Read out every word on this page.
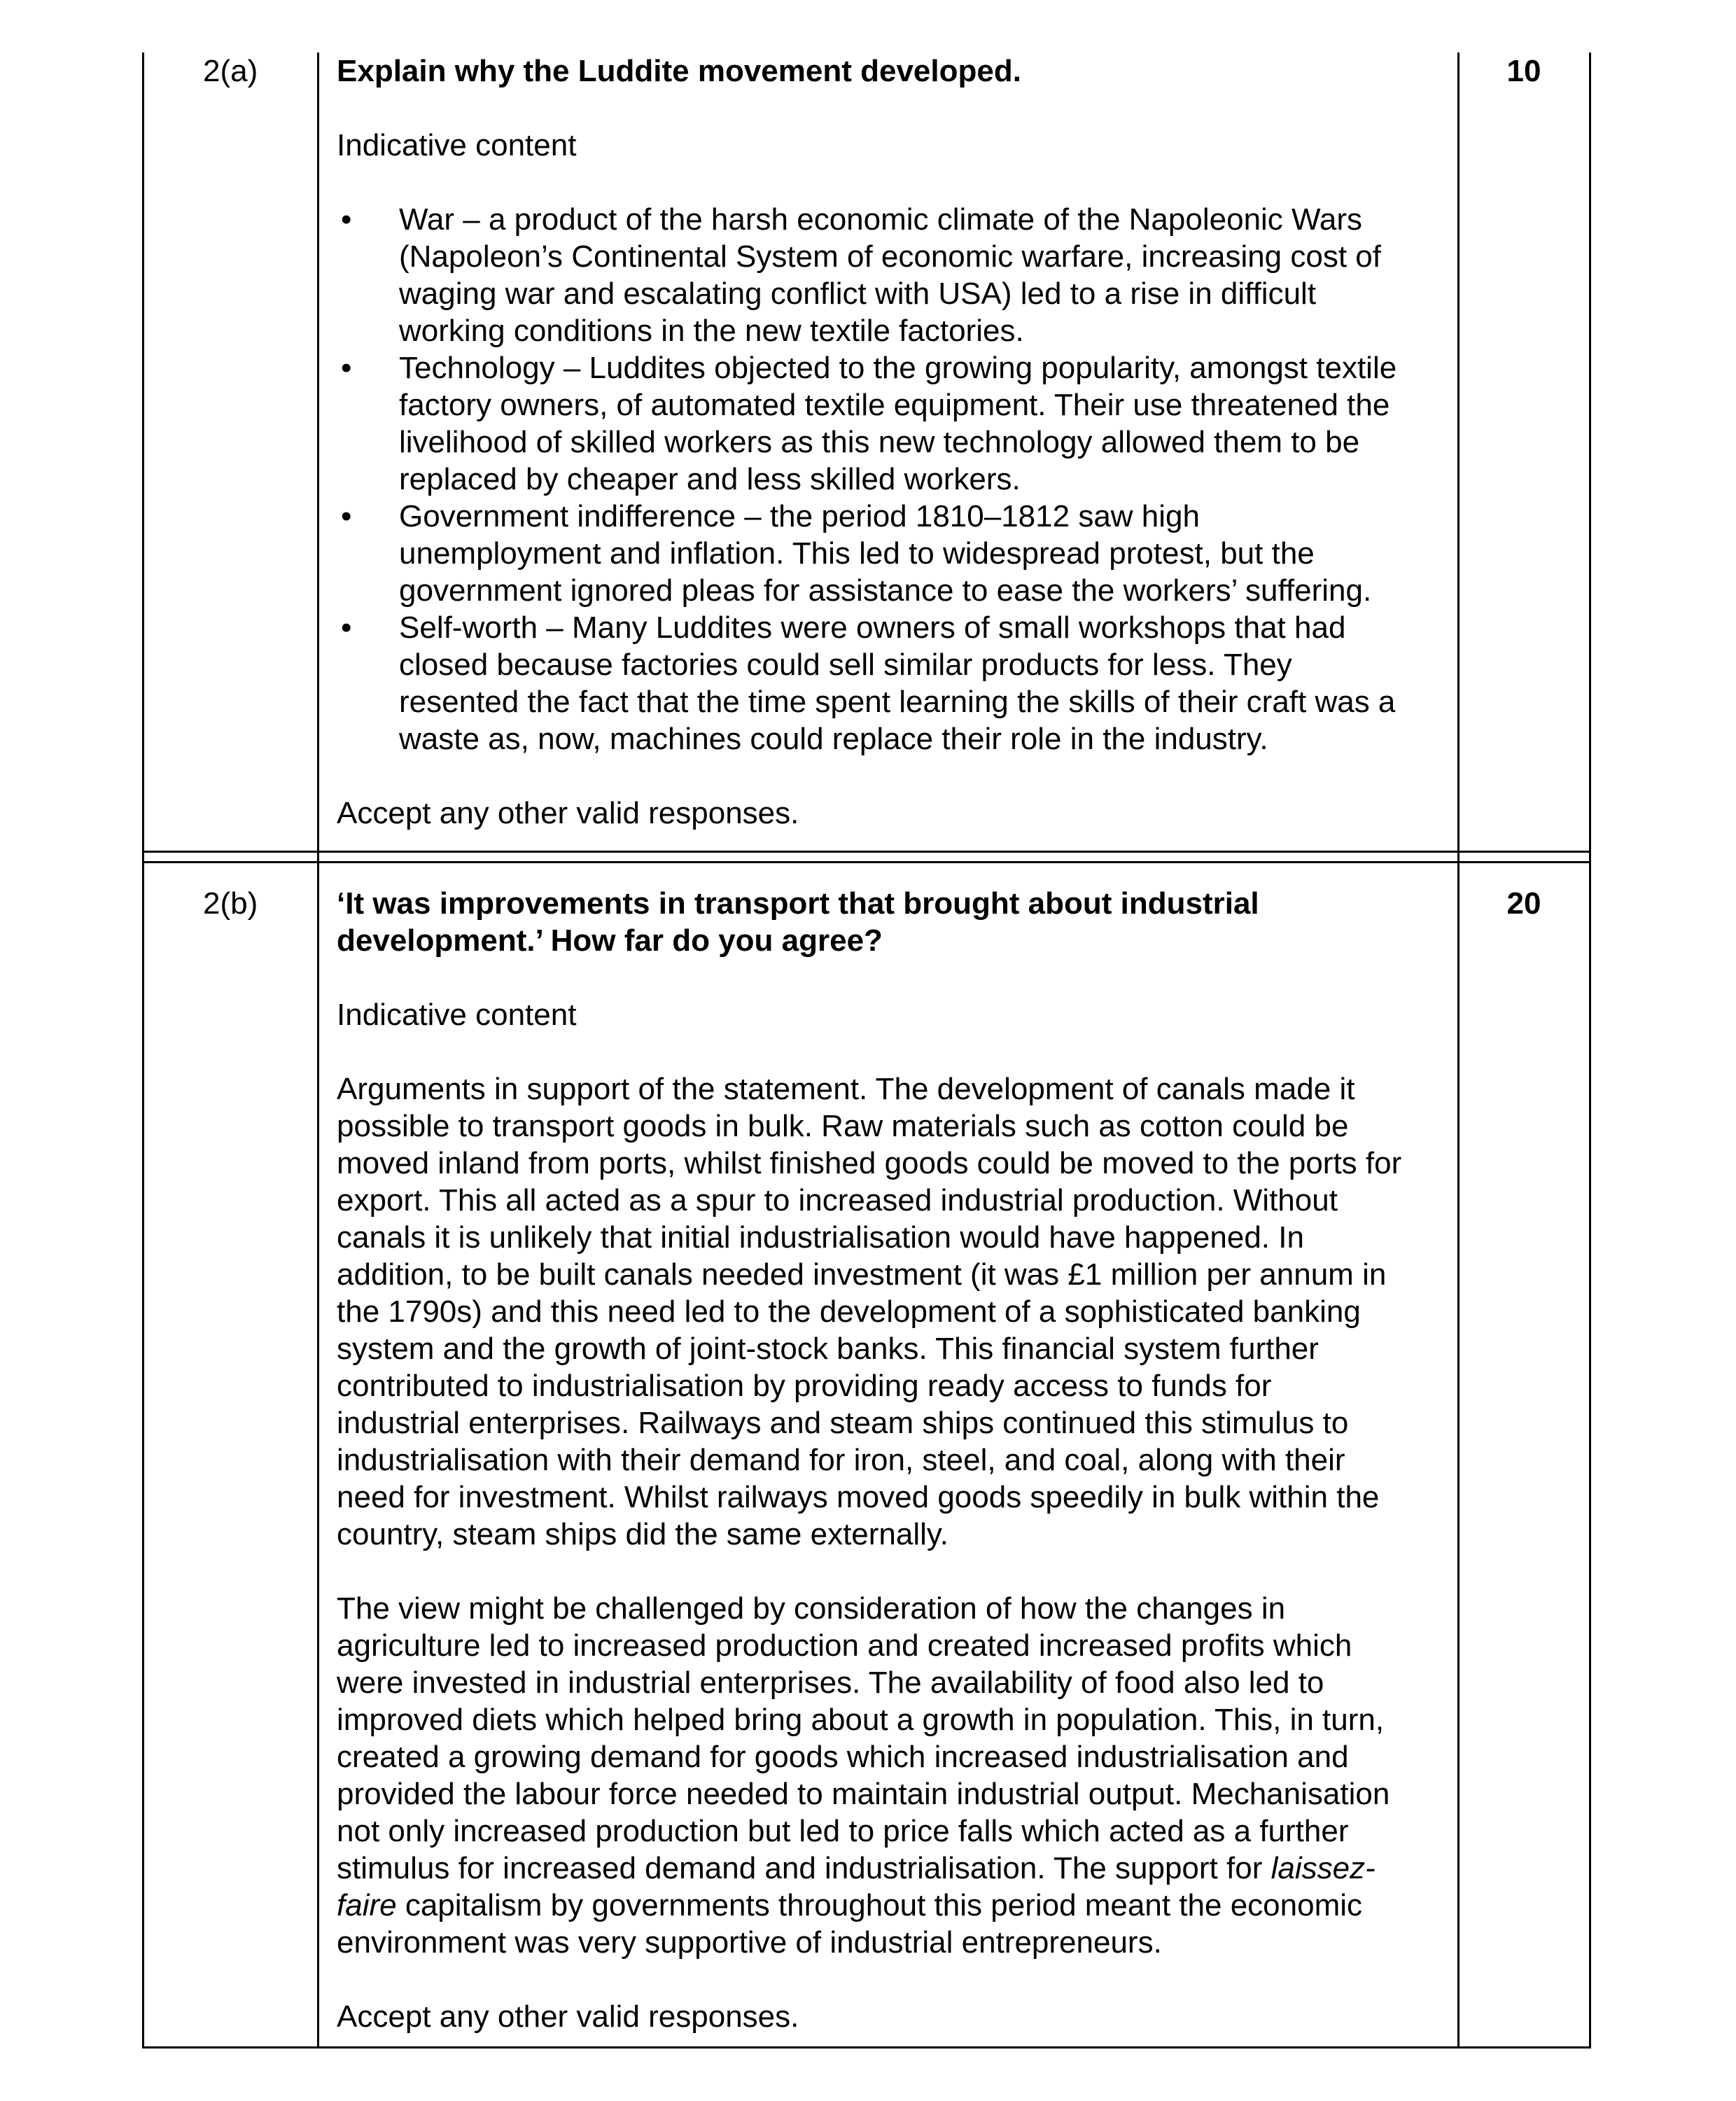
2(a)	10

Explain why the Luddite movement developed.

Indicative content

• War – a product of the harsh economic climate of the Napoleonic Wars
(Napoleon’s Continental System of economic warfare, increasing cost of
waging war and escalating conflict with USA) led to a rise in difficult
working conditions in the new textile factories.
• Technology – Luddites objected to the growing popularity, amongst textile
factory owners, of automated textile equipment. Their use threatened the
livelihood of skilled workers as this new technology allowed them to be
replaced by cheaper and less skilled workers.
• Government indifference – the period 1810–1812 saw high
unemployment and inflation. This led to widespread protest, but the
government ignored pleas for assistance to ease the workers’ suffering.
• Self-worth – Many Luddites were owners of small workshops that had
closed because factories could sell similar products for less. They
resented the fact that the time spent learning the skills of their craft was a
waste as, now, machines could replace their role in the industry.

Accept any other valid responses.

2(b)	20

‘It was improvements in transport that brought about industrial
development.’ How far do you agree?

Indicative content

Arguments in support of the statement. The development of canals made it
possible to transport goods in bulk. Raw materials such as cotton could be
moved inland from ports, whilst finished goods could be moved to the ports for
export. This all acted as a spur to increased industrial production. Without
canals it is unlikely that initial industrialisation would have happened. In
addition, to be built canals needed investment (it was £1 million per annum in
the 1790s) and this need led to the development of a sophisticated banking
system and the growth of joint-stock banks. This financial system further
contributed to industrialisation by providing ready access to funds for
industrial enterprises. Railways and steam ships continued this stimulus to
industrialisation with their demand for iron, steel, and coal, along with their
need for investment. Whilst railways moved goods speedily in bulk within the
country, steam ships did the same externally.
The view might be challenged by consideration of how the changes in
agriculture led to increased production and created increased profits which
were invested in industrial enterprises. The availability of food also led to
improved diets which helped bring about a growth in population. This, in turn,
created a growing demand for goods which increased industrialisation and
provided the labour force needed to maintain industrial output. Mechanisation
not only increased production but led to price falls which acted as a further
stimulus for increased demand and industrialisation. The support for laissez-
faire capitalism by governments throughout this period meant the economic
environment was very supportive of industrial entrepreneurs.

Accept any other valid responses.
